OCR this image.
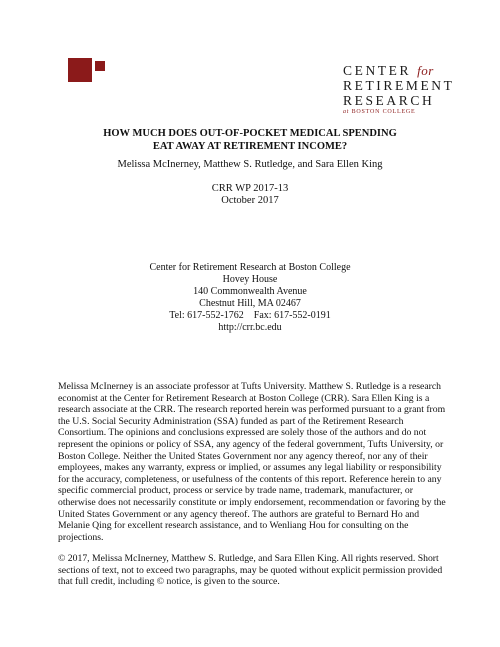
CENTER for
RETIREMENT
RESEARCH
at BOSTON COLLEGE
HOW MUCH DOES OUT-OF-POCKET MEDICAL SPENDING
EAT AWAY AT RETIREMENT INCOME?
Melissa McInerney, Matthew S. Rutledge, and Sara Ellen King
CRR WP 2017-13
October 2017
Center for Retirement Research at Boston College
Hovey House
140 Commonwealth Avenue
Chestnut Hill, MA 02467
Tel: 617-552-1762    Fax: 617-552-0191
http://crr.bc.edu

Melissa McInerney is an associate professor at Tufts University. Matthew S. Rutledge is a research economist at the Center for Retirement Research at Boston College (CRR). Sara Ellen King is a research associate at the CRR. The research reported herein was performed pursuant to a grant from the U.S. Social Security Administration (SSA) funded as part of the Retirement Research Consortium. The opinions and conclusions expressed are solely those of the authors and do not represent the opinions or policy of SSA, any agency of the federal government, Tufts University, or Boston College. Neither the United States Government nor any agency thereof, nor any of their employees, makes any warranty, express or implied, or assumes any legal liability or responsibility for the accuracy, completeness, or usefulness of the contents of this report. Reference herein to any specific commercial product, process or service by trade name, trademark, manufacturer, or otherwise does not necessarily constitute or imply endorsement, recommendation or favoring by the United States Government or any agency thereof. The authors are grateful to Bernard Ho and Melanie Qing for excellent research assistance, and to Wenliang Hou for consulting on the projections.

© 2017, Melissa McInerney, Matthew S. Rutledge, and Sara Ellen King. All rights reserved. Short sections of text, not to exceed two paragraphs, may be quoted without explicit permission provided that full credit, including © notice, is given to the source.
